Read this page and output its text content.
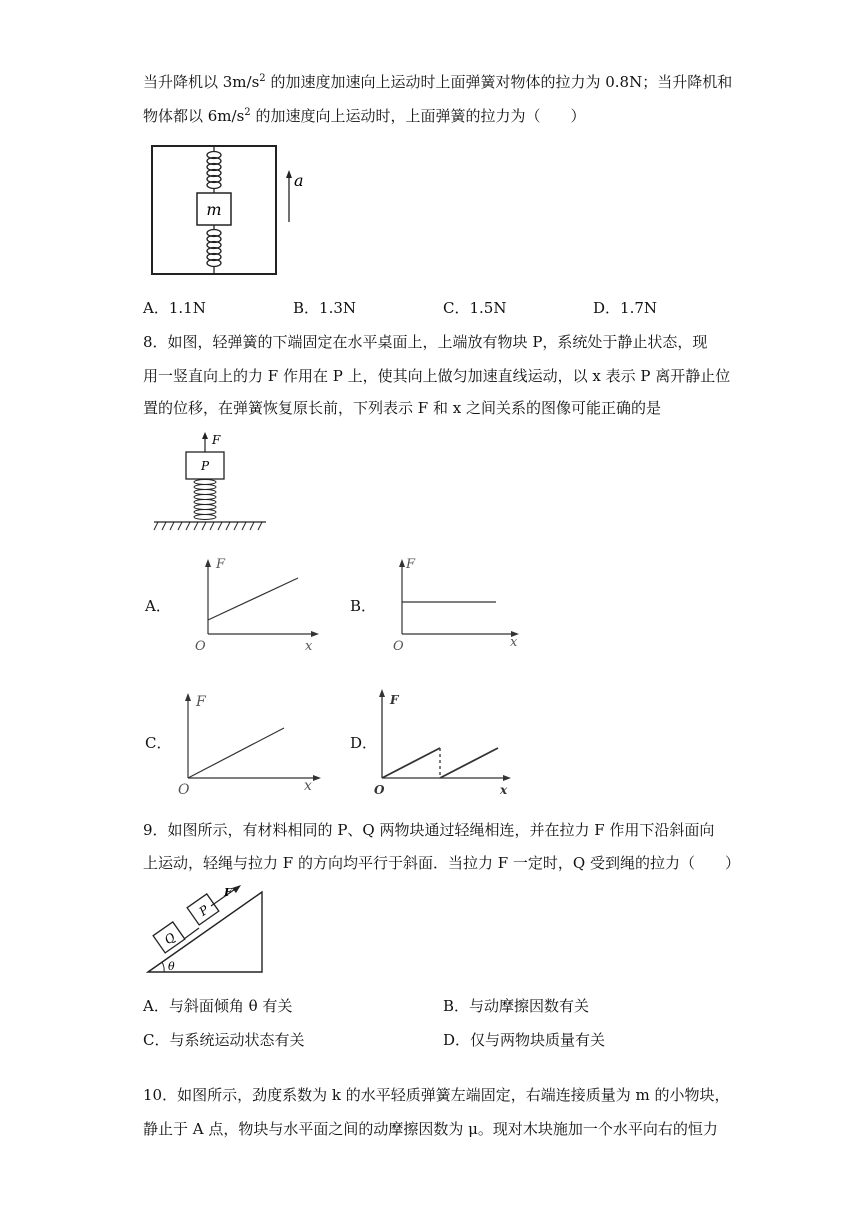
当升降机以 $3m/s^2$ 的加速度加速向上运动时上面弹簧对物体的拉力为 0.8N；当升降机和
物体都以 $6m/s^2$ 的加速度向上运动时，上面弹簧的拉力为（　　）
m
a
A．1.1N	B．1.3N	C．1.5N	D．1.7N
8．如图，轻弹簧的下端固定在水平桌面上，上端放有物块 P，系统处于静止状态，现
用一竖直向上的力 F 作用在 P 上，使其向上做匀加速直线运动，以 x 表示 P 离开静止位
置的位移，在弹簧恢复原长前，下列表示 F 和 x 之间关系的图像可能正确的是
F
P
A．
F
x
O
B．
F
x
O
C．
F
x
O
D．
F
x
O
9．如图所示，有材料相同的 P、Q 两物块通过轻绳相连，并在拉力 F 作用下沿斜面向
上运动，轻绳与拉力 F 的方向均平行于斜面．当拉力 F 一定时，Q 受到绳的拉力（　　）
Q
P
F
θ
A．与斜面倾角 θ 有关	B．与动摩擦因数有关
C．与系统运动状态有关	D．仅与两物块质量有关
10．如图所示，劲度系数为 k 的水平轻质弹簧左端固定，右端连接质量为 m 的小物块，
静止于 A 点，物块与水平面之间的动摩擦因数为 μ。现对木块施加一个水平向右的恒力
